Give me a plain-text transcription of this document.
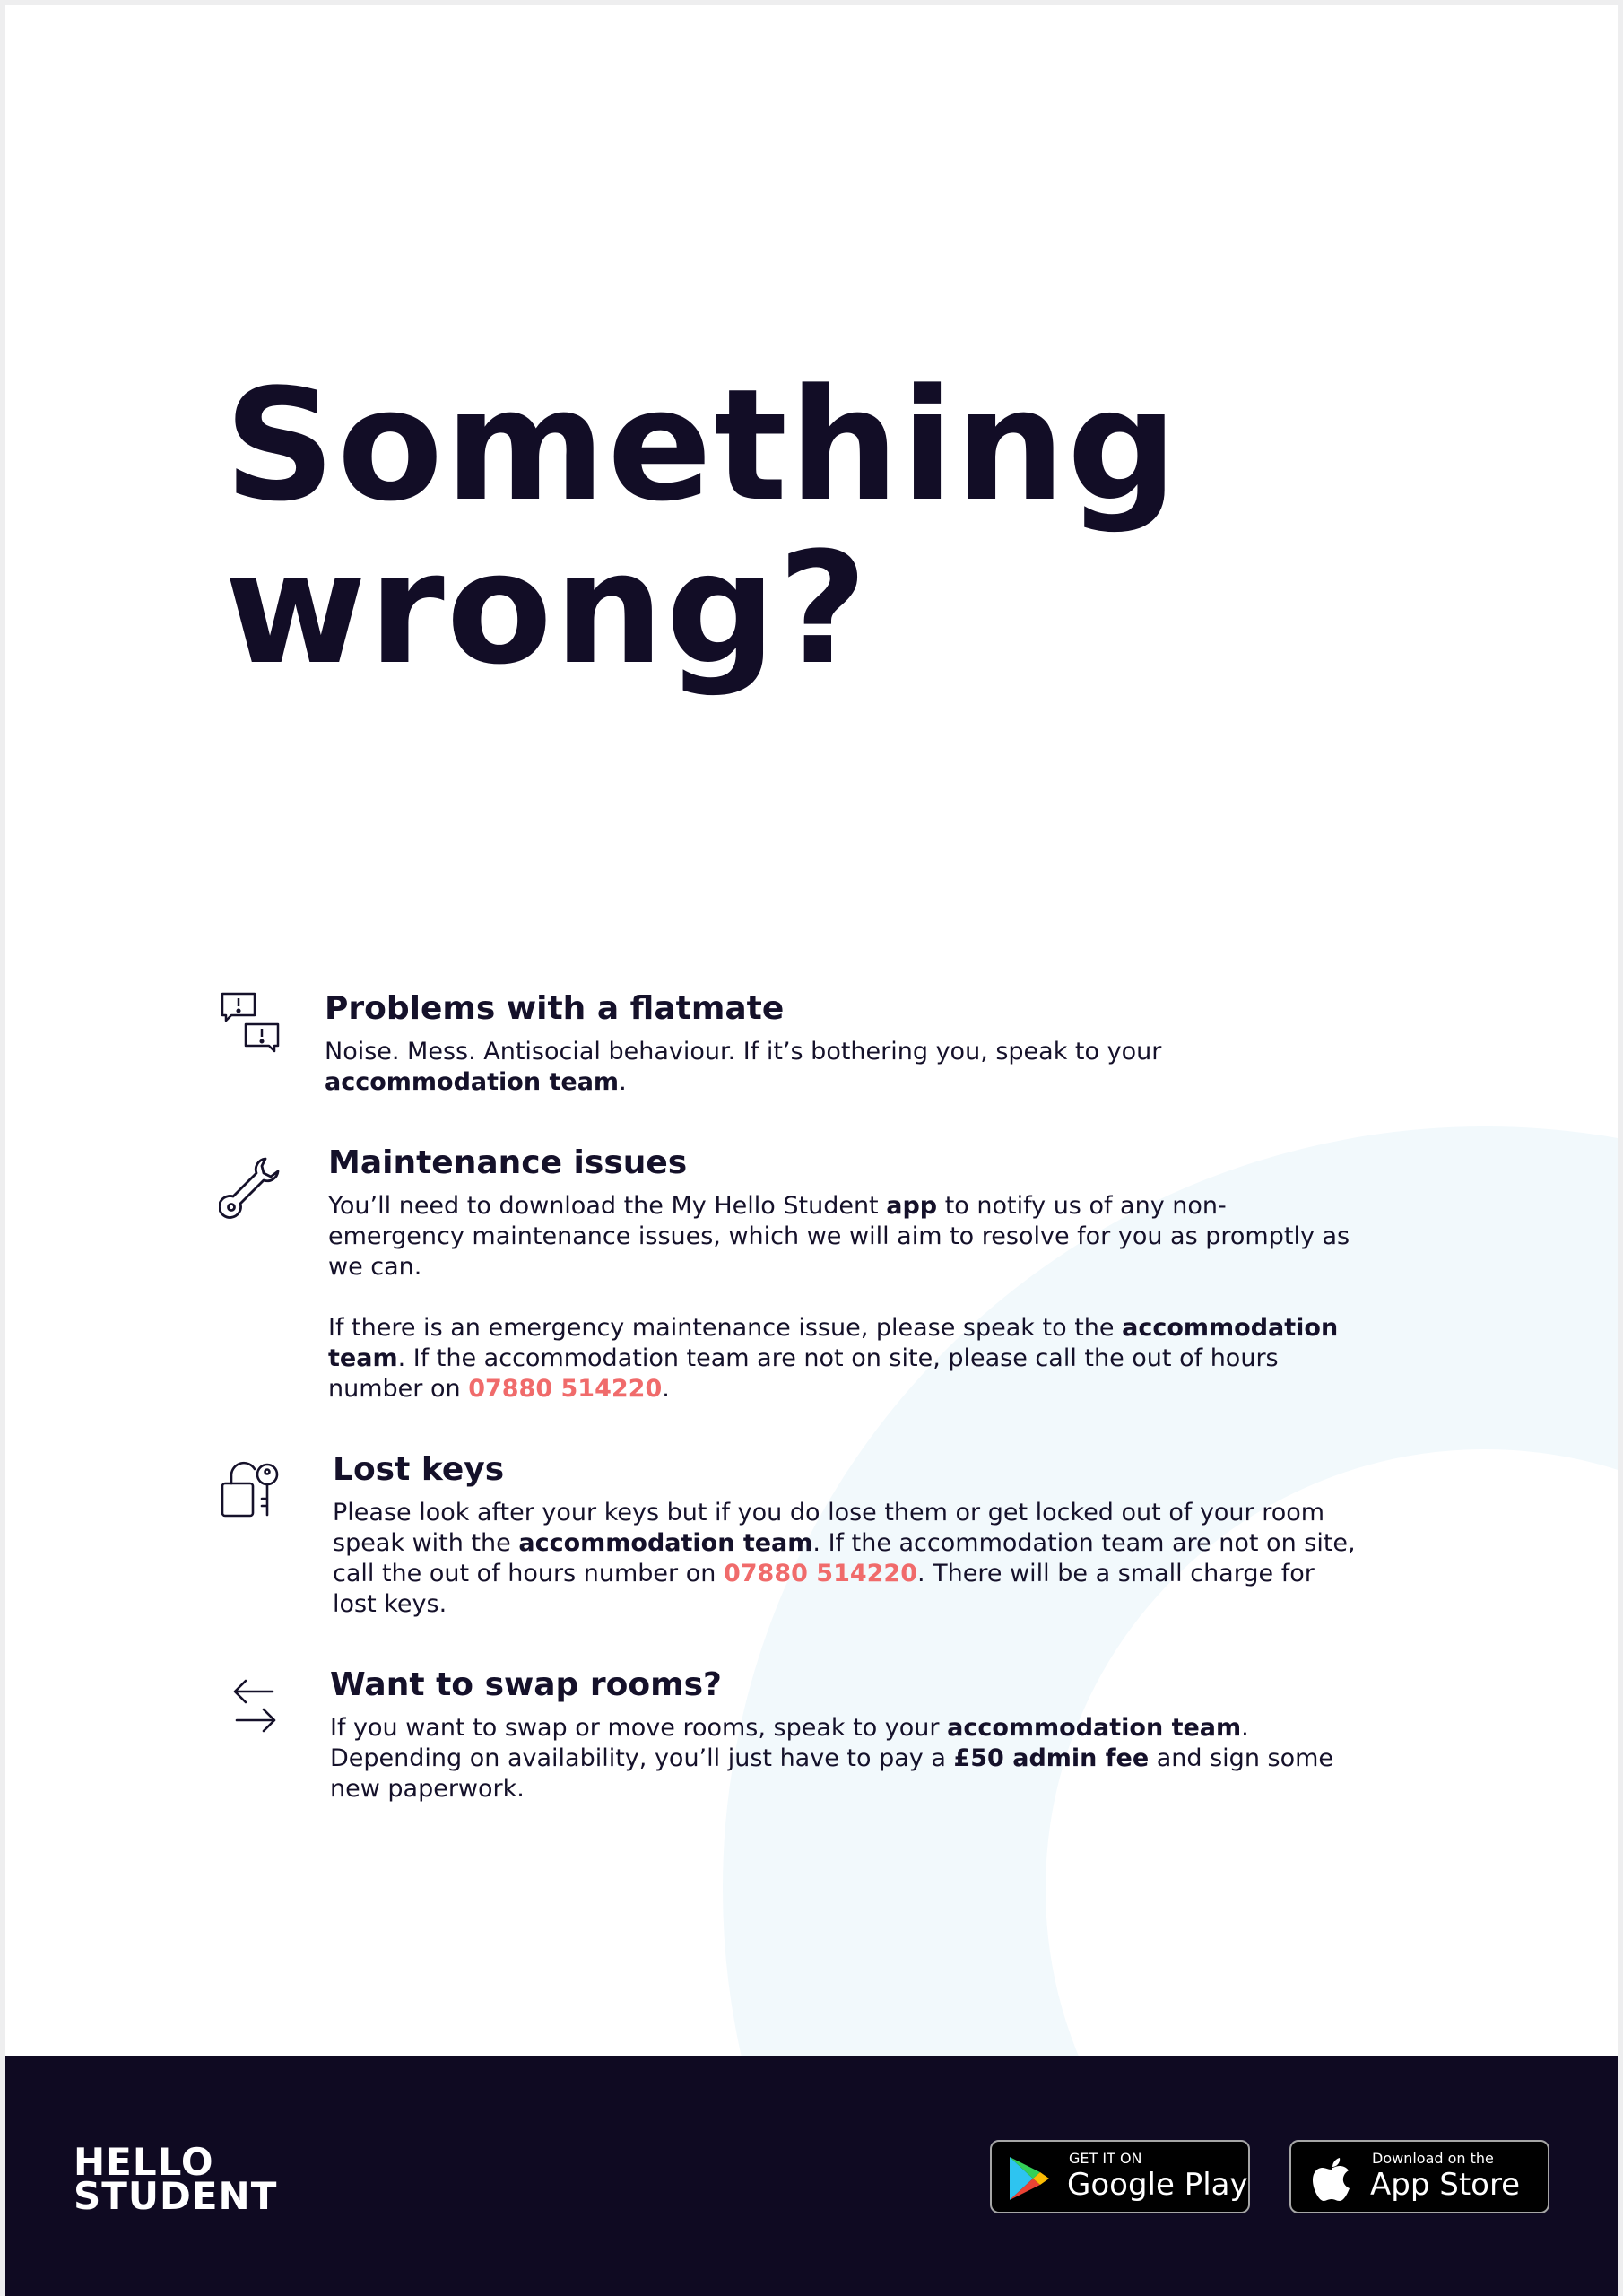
Something
wrong?
Problems with a flatmate

Noise. Mess. Antisocial behaviour. If it’s bothering you, speak to your accommodation team.

Maintenance issues

You’ll need to download the My Hello Student app to notify us of any non-emergency maintenance issues, which we will aim to resolve for you as promptly as we can.

If there is an emergency maintenance issue, please speak to the accommodation team. If the accommodation team are not on site, please call the out of hours number on 07880 514220.

Lost keys

Please look after your keys but if you do lose them or get locked out of your room speak with the accommodation team. If the accommodation team are not on site, call the out of hours number on 07880 514220. There will be a small charge for lost keys.

Want to swap rooms?

If you want to swap or move rooms, speak to your accommodation team. Depending on availability, you’ll just have to pay a £50 admin fee and sign some new paperwork.

HELLO
STUDENT
GET IT ON
Google Play
Download on the
App Store
